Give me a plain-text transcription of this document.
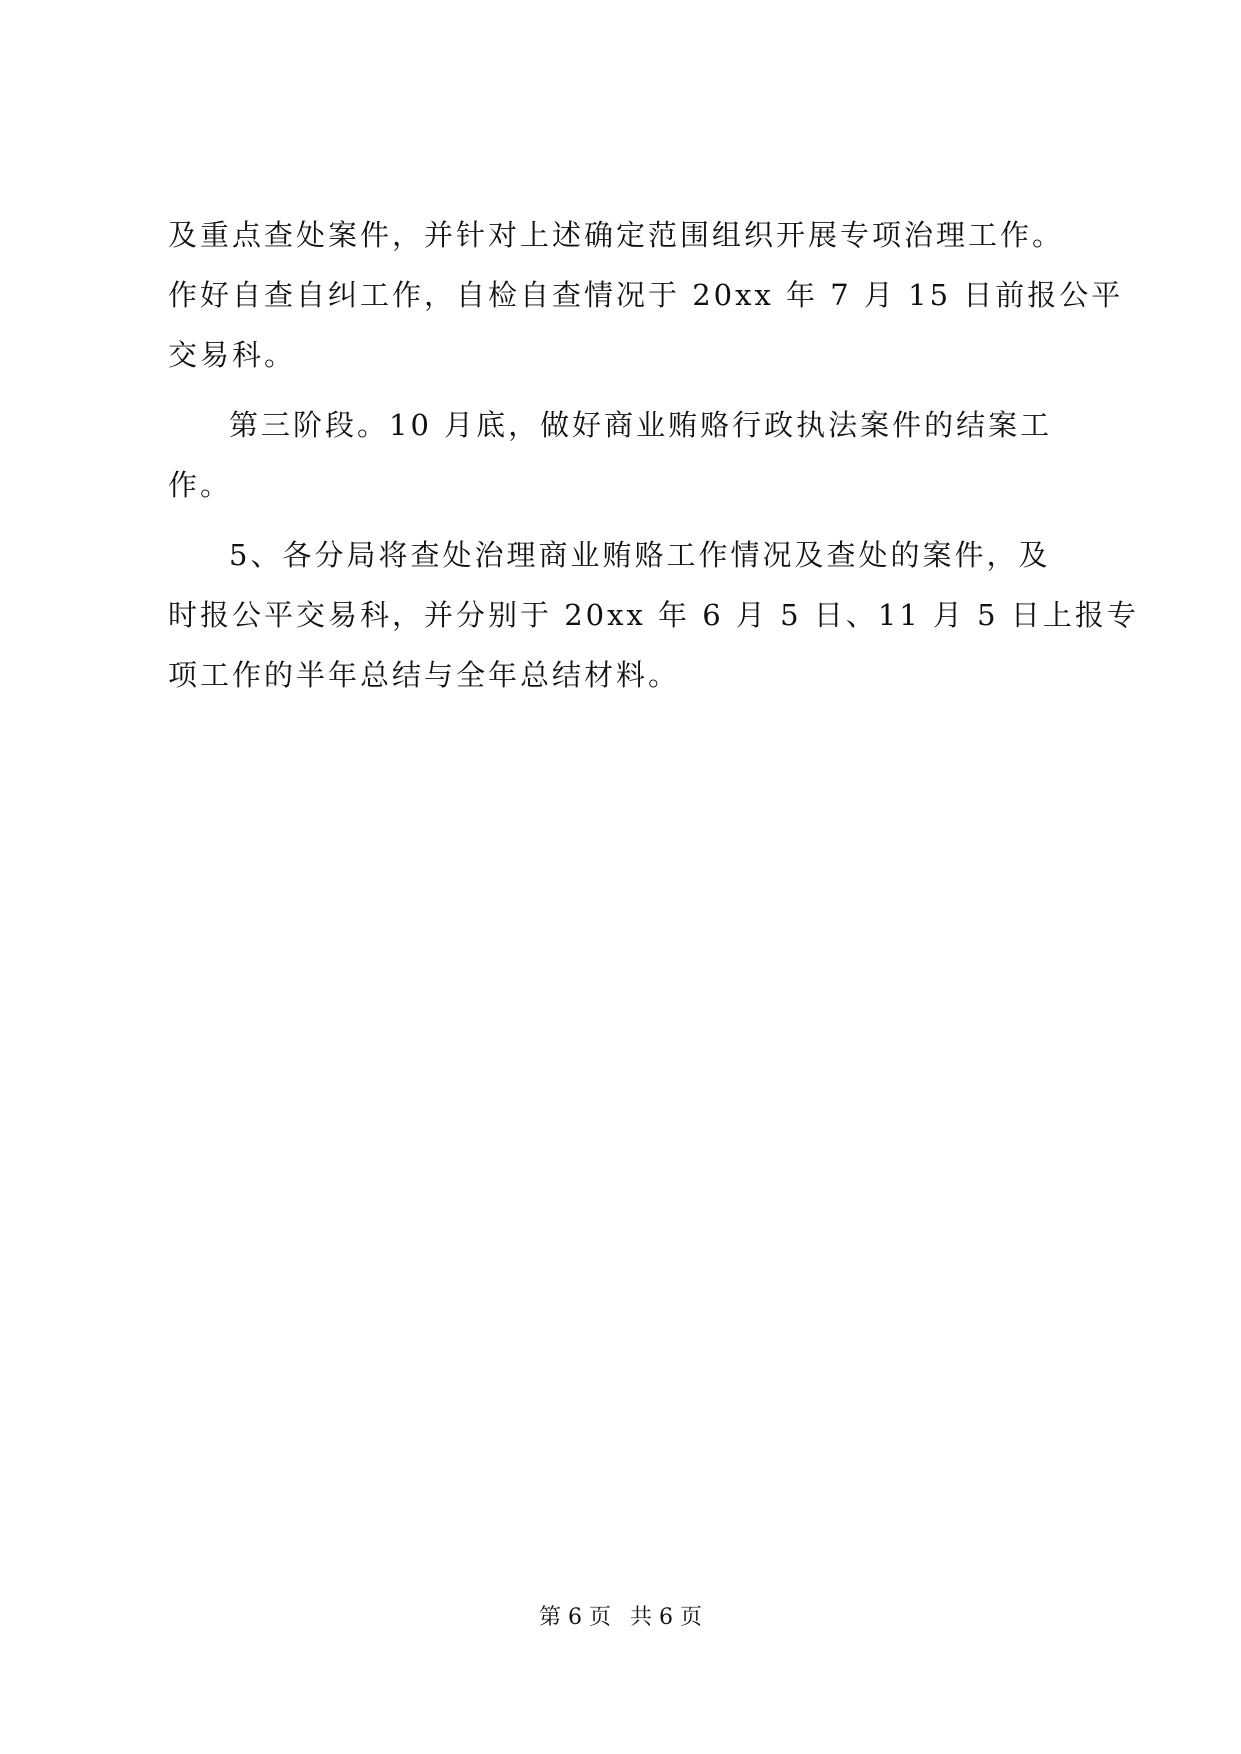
及重点查处案件，并针对上述确定范围组织开展专项治理工作。
作好自查自纠工作，自检自查情况于 20xx 年 7 月 15 日前报公平
交易科。
第三阶段。10 月底，做好商业贿赂行政执法案件的结案工
作。
5、各分局将查处治理商业贿赂工作情况及查处的案件，及
时报公平交易科，并分别于 20xx 年 6 月 5 日、11 月 5 日上报专
项工作的半年总结与全年总结材料。
第 6 页 共 6 页
